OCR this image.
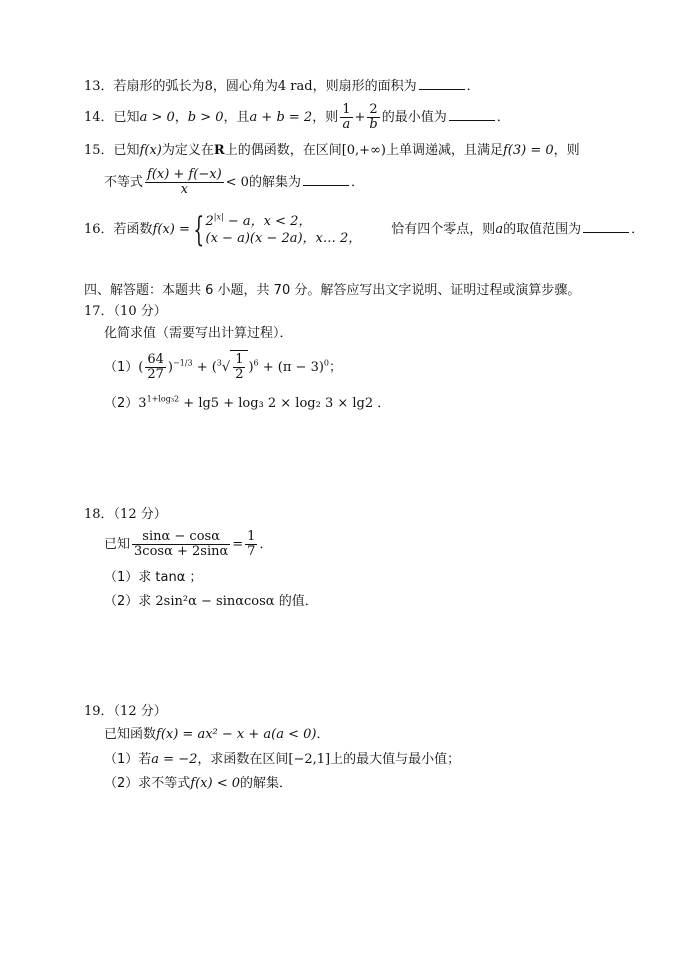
13．若扇形的弧长为8，圆心角为4 rad，则扇形的面积为	．
14．已知a > 0，b > 0，且a + b = 2，则 $\frac{1}{a} + \frac{2}{b}$ 的最小值为	．
15．已知f(x)为定义在R上的偶函数，在区间[0,+∞)上单调递减，且满足f(3) = 0，则
不等式 $\frac{f(x) + f(-x)}{x} < 0$的解集为	．
16．若函数f(x) = { $2^{|x|} - a$，x < 2，
(x − a)(x − 2a)，x… 2，
恰有四个零点，则a的取值范围为	．
四、解答题：本题共 6 小题，共 70 分。解答应写出文字说明、证明过程或演算步骤。
17．（10 分）
化简求值（需要写出计算过程）．
$(1)( \frac{64}{27} )^{-1/3} + (^3√ \frac{1}{2} )^6 + (\pi - 3)^0$；
$(2)3^{1+log_32} + \lg 5 + \log_3$ 2 × log₂ 3 × lg2 ．
18．（12 分）
已知 $\frac{\sin\alpha - \cos\alpha}{3\cos\alpha + 2\sin\alpha} = \frac{1}{7}$ ．
（1）求 tanα ；
（2）求 2sin²α − sinαcosα 的值．
19．（12 分）
已知函数f(x) = ax² − x + a(a < 0)．
（1）若a = −2，求函数在区间[−2,1]上的最大值与最小值；
（2）求不等式f(x) < 0的解集．
